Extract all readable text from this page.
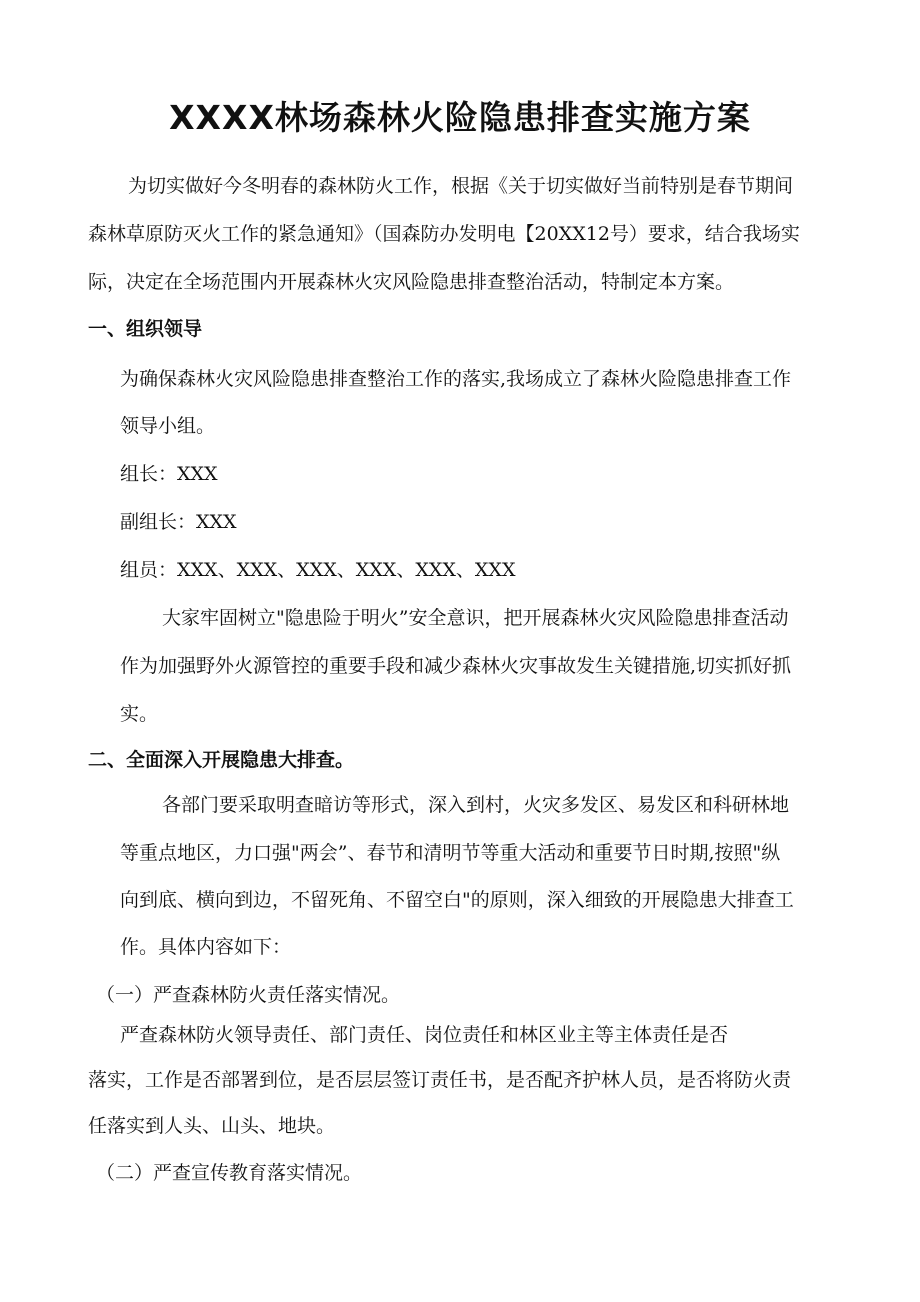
XXXX林场森林火险隐患排查实施方案
为切实做好今冬明春的森林防火工作，根据《关于切实做好当前特别是春节期间
森林草原防灭火工作的紧急通知》（国森防办发明电【20XX12号）要求，结合我场实
际，决定在全场范围内开展森林火灾风险隐患排查整治活动，特制定本方案。
一、组织领导
为确保森林火灾风险隐患排查整治工作的落实,我场成立了森林火险隐患排查工作
领导小组。
组长：XXX
副组长：XXX
组员：XXX、XXX、XXX、XXX、XXX、XXX
大家牢固树立"隐患险于明火”安全意识，把开展森林火灾风险隐患排查活动
作为加强野外火源管控的重要手段和减少森林火灾事故发生关键措施,切实抓好抓
实。
二、全面深入开展隐患大排查。
各部门要采取明查暗访等形式，深入到村，火灾多发区、易发区和科研林地
等重点地区，力口强"两会”、春节和清明节等重大活动和重要节日时期,按照"纵
向到底、横向到边，不留死角、不留空白"的原则，深入细致的开展隐患大排查工
作。具体内容如下：
（一）严查森林防火责任落实情况。
严查森林防火领导责任、部门责任、岗位责任和林区业主等主体责任是否
落实，工作是否部署到位，是否层层签订责任书，是否配齐护林人员，是否将防火责
任落实到人头、山头、地块。
（二）严查宣传教育落实情况。
